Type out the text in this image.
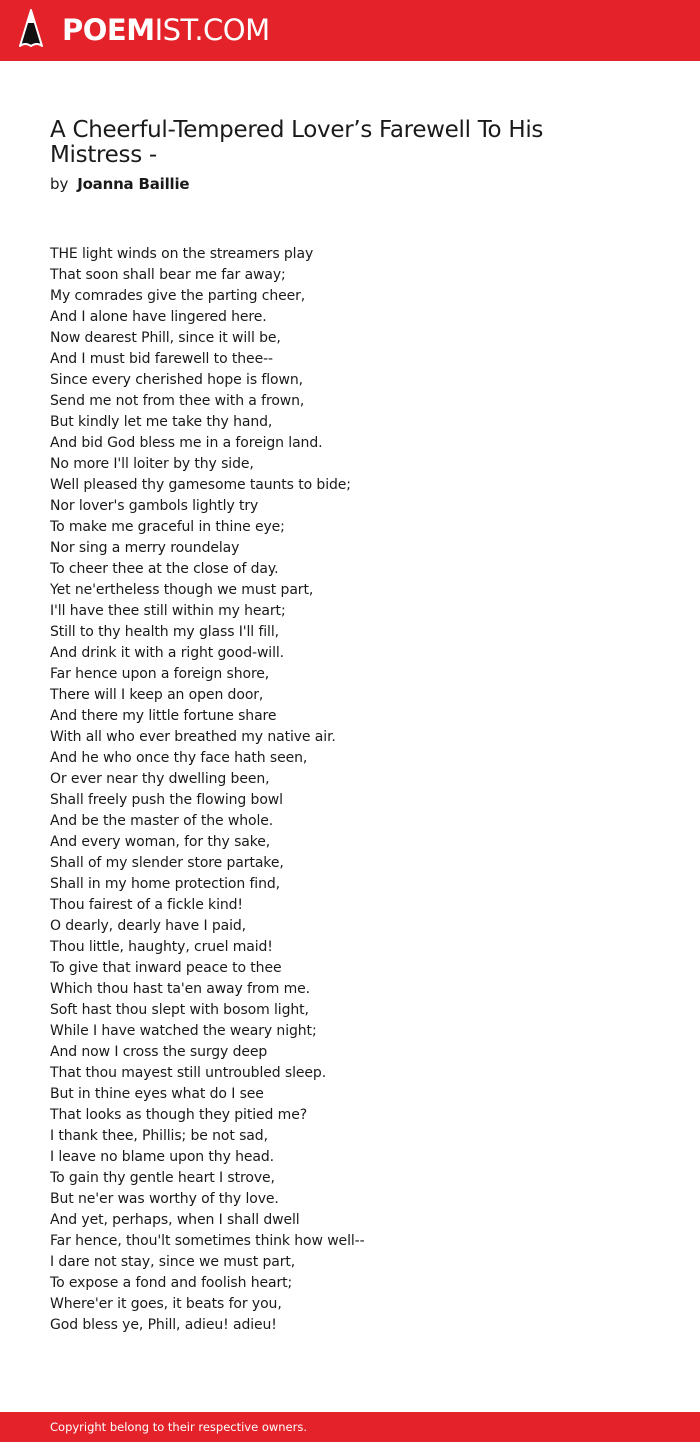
POEMIST.COM
A Cheerful-Tempered Lover’s Farewell To His Mistress -
by Joanna Baillie
THE light winds on the streamers play
That soon shall bear me far away;
My comrades give the parting cheer,
And I alone have lingered here.
Now dearest Phill, since it will be,
And I must bid farewell to thee--
Since every cherished hope is flown,
Send me not from thee with a frown,
But kindly let me take thy hand,
And bid God bless me in a foreign land.
No more I'll loiter by thy side,
Well pleased thy gamesome taunts to bide;
Nor lover's gambols lightly try
To make me graceful in thine eye;
Nor sing a merry roundelay
To cheer thee at the close of day.
Yet ne'ertheless though we must part,
I'll have thee still within my heart;
Still to thy health my glass I'll fill,
And drink it with a right good-will.
Far hence upon a foreign shore,
There will I keep an open door,
And there my little fortune share
With all who ever breathed my native air.
And he who once thy face hath seen,
Or ever near thy dwelling been,
Shall freely push the flowing bowl
And be the master of the whole.
And every woman, for thy sake,
Shall of my slender store partake,
Shall in my home protection find,
Thou fairest of a fickle kind!
O dearly, dearly have I paid,
Thou little, haughty, cruel maid!
To give that inward peace to thee
Which thou hast ta'en away from me.
Soft hast thou slept with bosom light,
While I have watched the weary night;
And now I cross the surgy deep
That thou mayest still untroubled sleep.
But in thine eyes what do I see
That looks as though they pitied me?
I thank thee, Phillis; be not sad,
I leave no blame upon thy head.
To gain thy gentle heart I strove,
But ne'er was worthy of thy love.
And yet, perhaps, when I shall dwell
Far hence, thou'lt sometimes think how well--
I dare not stay, since we must part,
To expose a fond and foolish heart;
Where'er it goes, it beats for you,
God bless ye, Phill, adieu! adieu!
Copyright belong to their respective owners.
